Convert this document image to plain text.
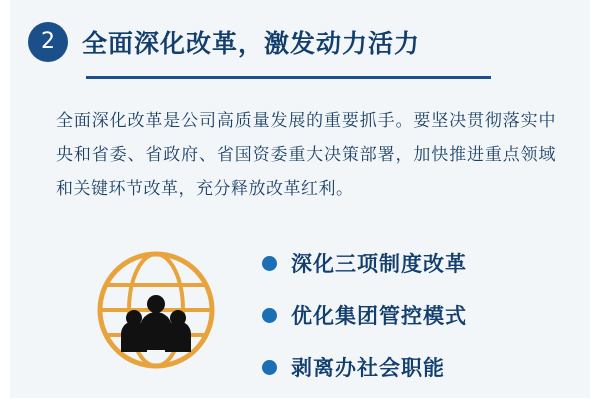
2	全面深化改革，激发动力活力
全面深化改革是公司高质量发展的重要抓手。要坚决贯彻落实中央和省委、省政府、省国资委重大决策部署，加快推进重点领域和关键环节改革，充分释放改革红利。
深化三项制度改革
优化集团管控模式
剥离办社会职能
